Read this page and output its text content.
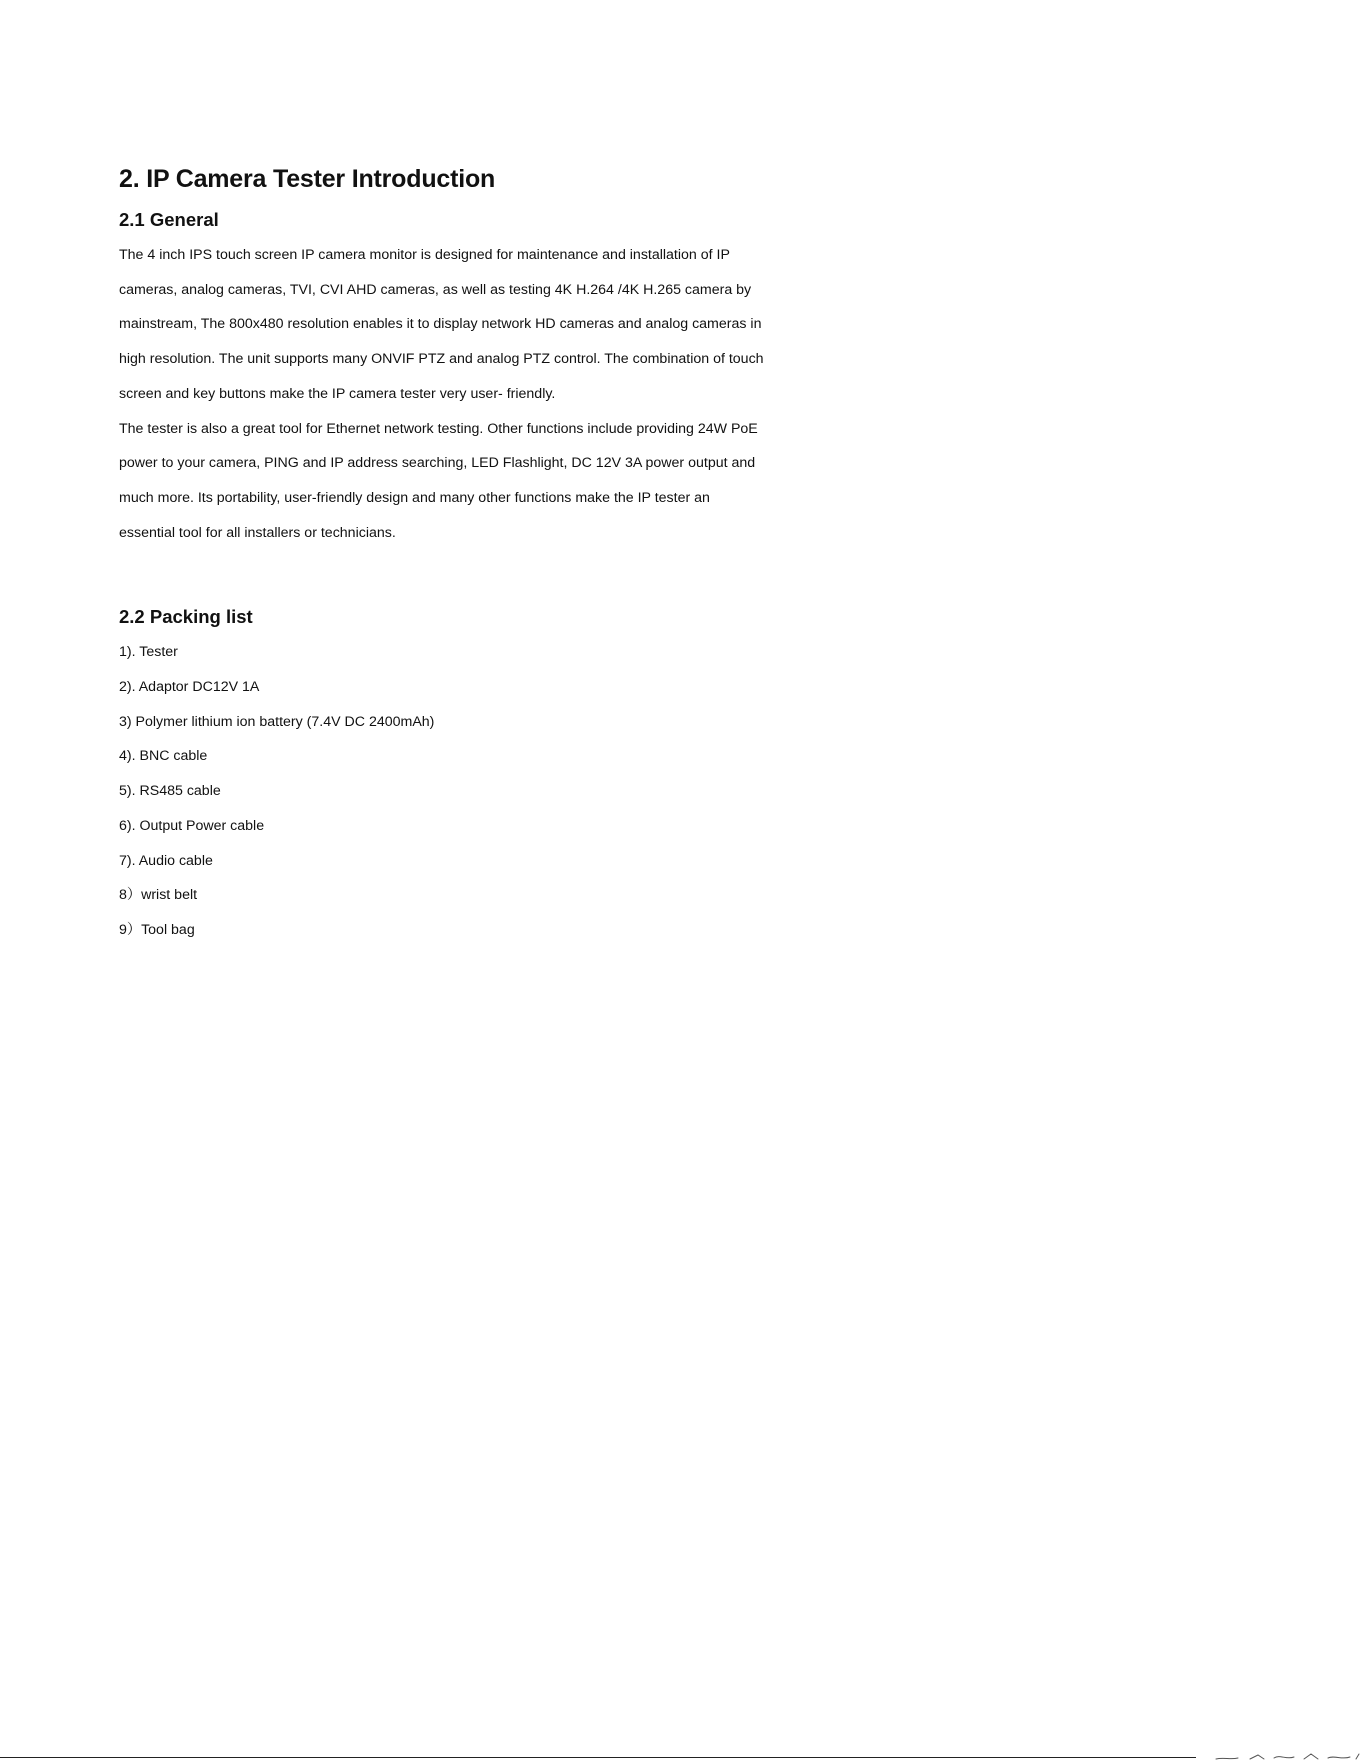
2. IP Camera Tester Introduction
2.1 General

The 4 inch IPS touch screen IP camera monitor is designed for maintenance and installation of IP
cameras, analog cameras, TVI, CVI AHD cameras, as well as testing 4K H.264 /4K H.265 camera by
mainstream, The 800x480 resolution enables it to display network HD cameras and analog cameras in
high resolution. The unit supports many ONVIF PTZ and analog PTZ control. The combination of touch
screen and key buttons make the IP camera tester very user- friendly.

The tester is also a great tool for Ethernet network testing. Other functions include providing 24W PoE
power to your camera, PING and IP address searching, LED Flashlight, DC 12V 3A power output and
much more. Its portability, user-friendly design and many other functions make the IP tester an
essential tool for all installers or technicians.

2.2 Packing list
1). Tester
2). Adaptor DC12V 1A
3) Polymer lithium ion battery (7.4V DC 2400mAh)
4). BNC cable
5). RS485 cable
6). Output Power cable
7). Audio cable
8）wrist belt
9）Tool bag
